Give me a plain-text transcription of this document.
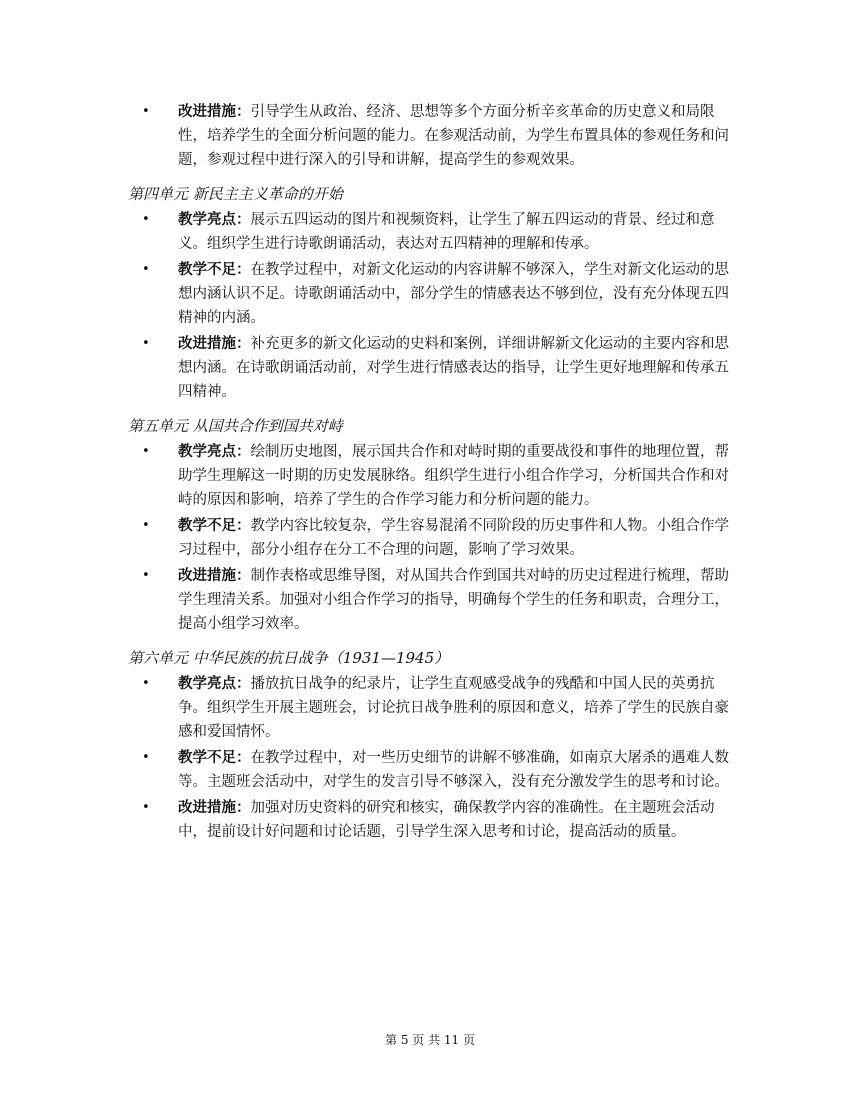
• 改进措施：引导学生从政治、经济、思想等多个方面分析辛亥革命的历史意义和局限性，培养学生的全面分析问题的能力。在参观活动前，为学生布置具体的参观任务和问题，参观过程中进行深入的引导和讲解，提高学生的参观效果。
第四单元 新民主主义革命的开始
• 教学亮点：展示五四运动的图片和视频资料，让学生了解五四运动的背景、经过和意义。组织学生进行诗歌朗诵活动，表达对五四精神的理解和传承。
• 教学不足：在教学过程中，对新文化运动的内容讲解不够深入，学生对新文化运动的思想内涵认识不足。诗歌朗诵活动中，部分学生的情感表达不够到位，没有充分体现五四精神的内涵。
• 改进措施：补充更多的新文化运动的史料和案例，详细讲解新文化运动的主要内容和思想内涵。在诗歌朗诵活动前，对学生进行情感表达的指导，让学生更好地理解和传承五四精神。
第五单元 从国共合作到国共对峙
• 教学亮点：绘制历史地图，展示国共合作和对峙时期的重要战役和事件的地理位置，帮助学生理解这一时期的历史发展脉络。组织学生进行小组合作学习，分析国共合作和对峙的原因和影响，培养了学生的合作学习能力和分析问题的能力。
• 教学不足：教学内容比较复杂，学生容易混淆不同阶段的历史事件和人物。小组合作学习过程中，部分小组存在分工不合理的问题，影响了学习效果。
• 改进措施：制作表格或思维导图，对从国共合作到国共对峙的历史过程进行梳理，帮助学生理清关系。加强对小组合作学习的指导，明确每个学生的任务和职责，合理分工，提高小组学习效率。
第六单元 中华民族的抗日战争（1931—1945）
• 教学亮点：播放抗日战争的纪录片，让学生直观感受战争的残酷和中国人民的英勇抗争。组织学生开展主题班会，讨论抗日战争胜利的原因和意义，培养了学生的民族自豪感和爱国情怀。
• 教学不足：在教学过程中，对一些历史细节的讲解不够准确，如南京大屠杀的遇难人数等。主题班会活动中，对学生的发言引导不够深入，没有充分激发学生的思考和讨论。
• 改进措施：加强对历史资料的研究和核实，确保教学内容的准确性。在主题班会活动中，提前设计好问题和讨论话题，引导学生深入思考和讨论，提高活动的质量。
第 5 页 共 11 页
